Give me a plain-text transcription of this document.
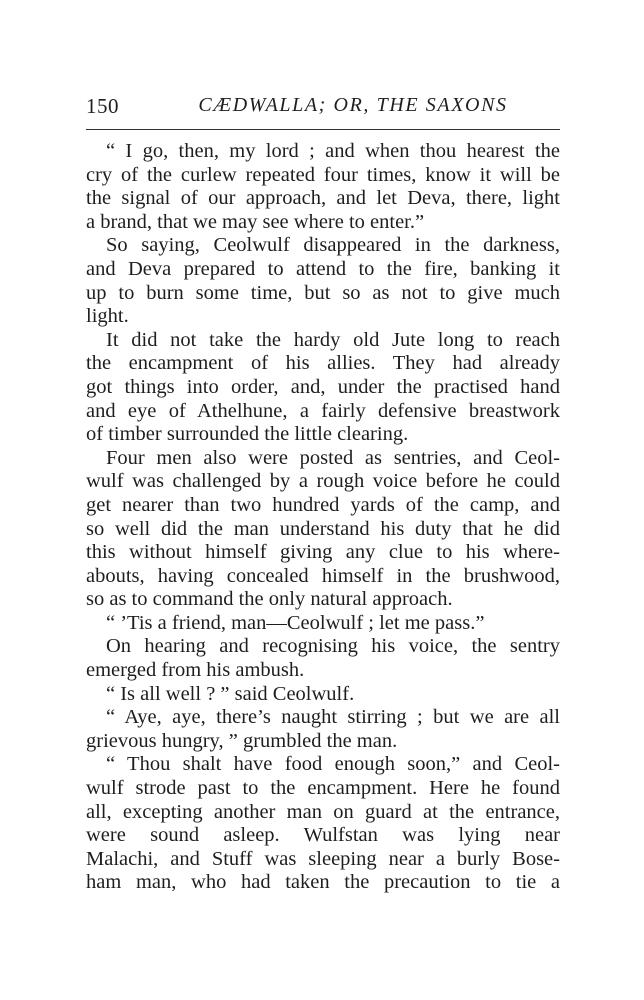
150	CÆDWALLA; OR, THE SAXONS
“ I go, then, my lord ; and when thou hearest the
cry of the curlew repeated four times, know it will be
the signal of our approach, and let Deva, there, light
a brand, that we may see where to enter.”
So saying, Ceolwulf disappeared in the darkness,
and Deva prepared to attend to the fire, banking it
up to burn some time, but so as not to give much
light.
It did not take the hardy old Jute long to reach
the encampment of his allies. They had already
got things into order, and, under the practised hand
and eye of Athelhune, a fairly defensive breastwork
of timber surrounded the little clearing.
Four men also were posted as sentries, and Ceol-
wulf was challenged by a rough voice before he could
get nearer than two hundred yards of the camp, and
so well did the man understand his duty that he did
this without himself giving any clue to his where-
abouts, having concealed himself in the brushwood,
so as to command the only natural approach.
“ ’Tis a friend, man—Ceolwulf ; let me pass.”
On hearing and recognising his voice, the sentry
emerged from his ambush.
“ Is all well ? ” said Ceolwulf.
“ Aye, aye, there’s naught stirring ; but we are all
grievous hungry, ” grumbled the man.
“ Thou shalt have food enough soon,” and Ceol-
wulf strode past to the encampment. Here he found
all, excepting another man on guard at the entrance,
were sound asleep. Wulfstan was lying near
Malachi, and Stuff was sleeping near a burly Bose-
ham man, who had taken the precaution to tie a
